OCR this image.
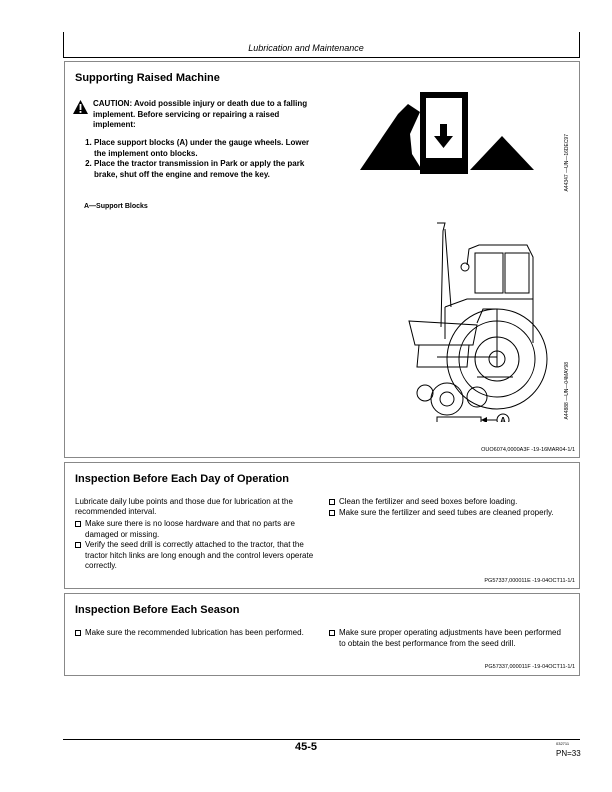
Lubrication and Maintenance
Supporting Raised Machine
CAUTION: Avoid possible injury or death due to a falling implement. Before servicing or repairing a raised implement:
1. Place support blocks (A) under the gauge wheels. Lower the implement onto blocks.
2. Place the tractor transmission in Park or apply the park brake, shut off the engine and remove the key.
A—Support Blocks
A44347 —UN—16DEC97
A
A44888 —UN—04MAY98
OUO6074,0000A3F -19-16MAR04-1/1
Inspection Before Each Day of Operation
Lubricate daily lube points and those due for lubrication at the recommended interval.
Make sure there is no loose hardware and that no parts are damaged or missing.
Verify the seed drill is correctly attached to the tractor, that the tractor hitch links are long enough and the control levers operate correctly.
Clean the fertilizer and seed boxes before loading.
Make sure the fertilizer and seed tubes are cleaned properly.
PG57337,000011E -19-04OCT11-1/1
Inspection Before Each Season
Make sure the recommended lubrication has been performed.	Make sure proper operating adjustments have been performed to obtain the best performance from the seed drill.
PG57337,000011F -19-04OCT11-1/1
45-5	032711
PN=33
